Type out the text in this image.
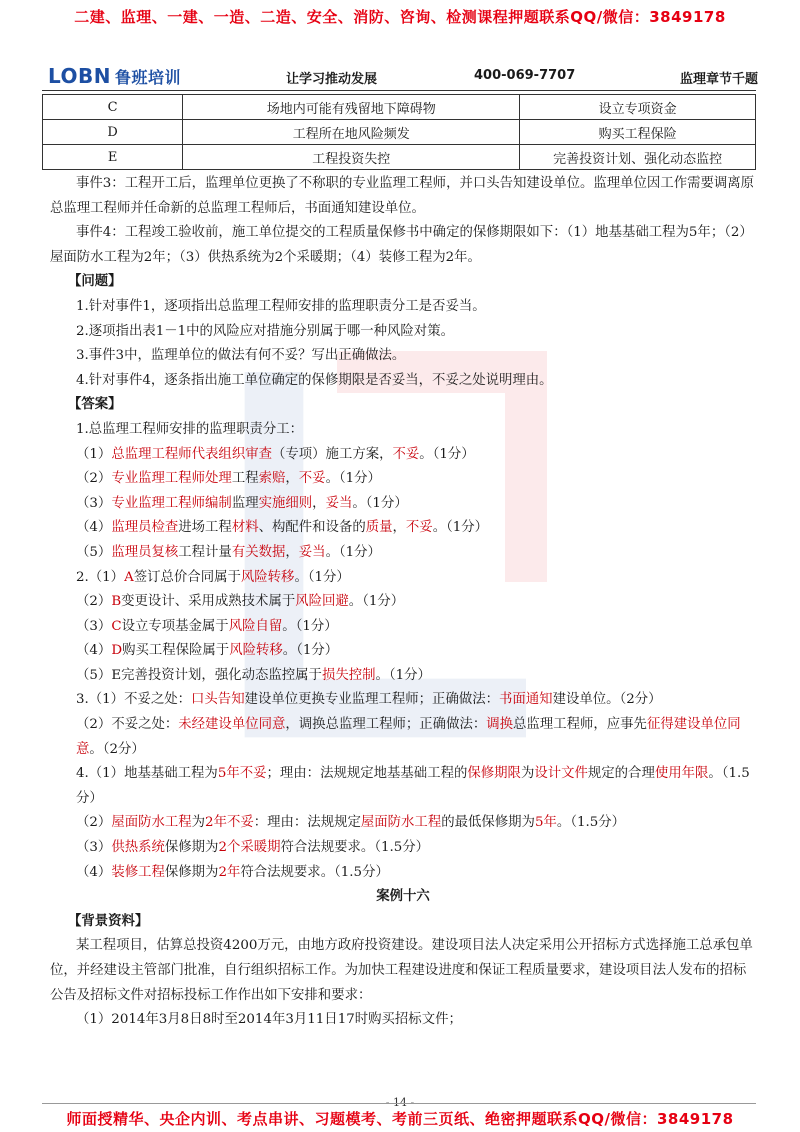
二建、监理、一建、一造、二造、安全、消防、咨询、检测课程押题联系QQ/微信：3849178
LOBN 鲁班培训	让学习推动发展	400-069-7707	监理章节千题
C	场地内可能有残留地下障碍物	设立专项资金
D	工程所在地风险频发	购买工程保险
E	工程投资失控	完善投资计划、强化动态监控

事件3：工程开工后，监理单位更换了不称职的专业监理工程师，并口头告知建设单位。监理单位因工作需要调离原总监理工程师并任命新的总监理工程师后，书面通知建设单位。

事件4：工程竣工验收前，施工单位提交的工程质量保修书中确定的保修期限如下：（1）地基基础工程为5年；（2）屋面防水工程为2年；（3）供热系统为2个采暖期；（4）装修工程为2年。

【问题】

1.针对事件1，逐项指出总监理工程师安排的监理职责分工是否妥当。

2.逐项指出表1－1中的风险应对措施分别属于哪一种风险对策。

3.事件3中，监理单位的做法有何不妥？写出正确做法。

4.针对事件4，逐条指出施工单位确定的保修期限是否妥当，不妥之处说明理由。

【答案】

1.总监理工程师安排的监理职责分工：

（1）总监理工程师代表组织审查（专项）施工方案，不妥。（1分）

（2）专业监理工程师处理工程索赔，不妥。（1分）

（3）专业监理工程师编制监理实施细则，妥当。（1分）

（4）监理员检查进场工程材料、构配件和设备的质量，不妥。（1分）

（5）监理员复核工程计量有关数据，妥当。（1分）

2.（1）A签订总价合同属于风险转移。（1分）

（2）B变更设计、采用成熟技术属于风险回避。（1分）

（3）C设立专项基金属于风险自留。（1分）

（4）D购买工程保险属于风险转移。（1分）

（5）E完善投资计划，强化动态监控属于损失控制。（1分）

3.（1）不妥之处：口头告知建设单位更换专业监理工程师；正确做法：书面通知建设单位。（2分）

（2）不妥之处：未经建设单位同意，调换总监理工程师；正确做法：调换总监理工程师，应事先征得建设单位同意。（2分）

4.（1）地基基础工程为5年不妥；理由：法规规定地基基础工程的保修期限为设计文件规定的合理使用年限。（1.5分）

（2）屋面防水工程为2年不妥：理由：法规规定屋面防水工程的最低保修期为5年。（1.5分）

（3）供热系统保修期为2个采暖期符合法规要求。（1.5分）

（4）装修工程保修期为2年符合法规要求。（1.5分）

案例十六

【背景资料】

某工程项目，估算总投资4200万元，由地方政府投资建设。建设项目法人决定采用公开招标方式选择施工总承包单位，并经建设主管部门批准，自行组织招标工作。为加快工程建设进度和保证工程质量要求，建设项目法人发布的招标公告及招标文件对招标投标工作作出如下安排和要求：

（1）2014年3月8日8时至2014年3月11日17时购买招标文件；

- 14 -
师面授精华、央企内训、考点串讲、习题模考、考前三页纸、绝密押题联系QQ/微信：3849178
